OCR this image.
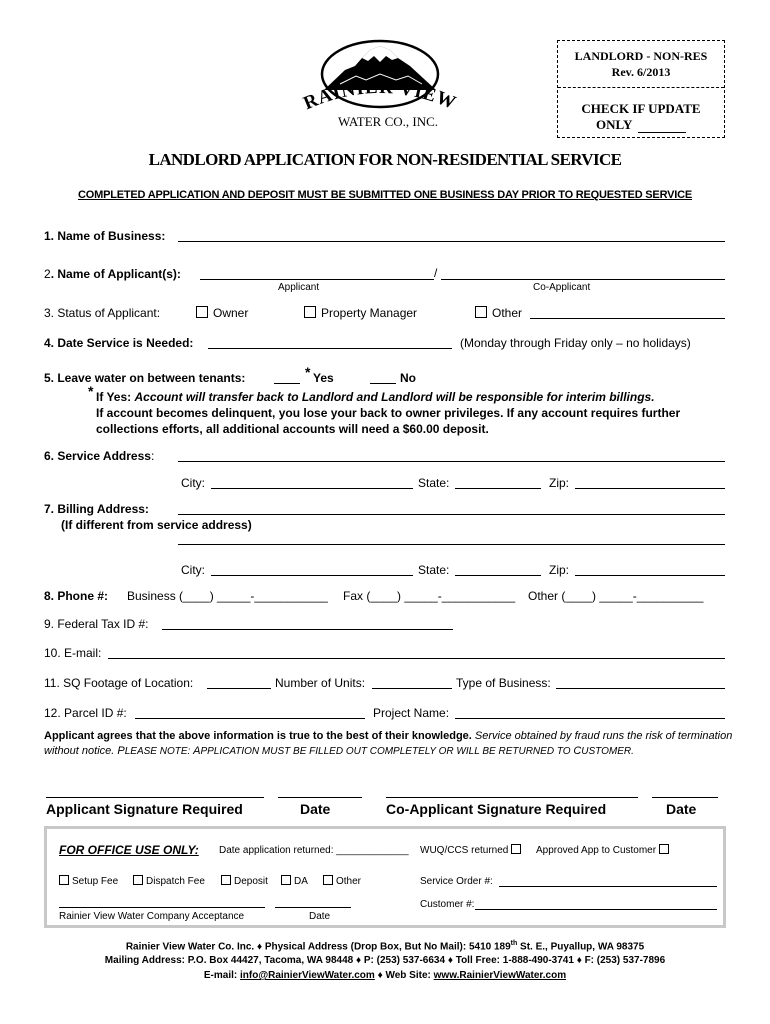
RAINIER VIEW
WATER CO., INC.
LANDLORD - NON-RES
Rev. 6/2013
CHECK IF UPDATE
ONLY
LANDLORD APPLICATION FOR NON-RESIDENTIAL SERVICE
COMPLETED APPLICATION AND DEPOSIT MUST BE SUBMITTED ONE BUSINESS DAY PRIOR TO REQUESTED SERVICE
1. Name of Business:
2. Name of Applicant(s):	/
Applicant	Co-Applicant
3. Status of Applicant:	Owner	Property Manager	Other
4. Date Service is Needed:	(Monday through Friday only – no holidays)
5. Leave water on between tenants:	* Yes	No
* If Yes: Account will transfer back to Landlord and Landlord will be responsible for interim billings.
If account becomes delinquent, you lose your back to owner privileges. If any account requires further
collections efforts, all additional accounts will need a $60.00 deposit.
6. Service Address:
City:	State:	Zip:
7. Billing Address:
(If different from service address)
City:	State:	Zip:
8. Phone #: Business (____) _____-___________ Fax (____) _____-___________ Other (____) _____-__________
9. Federal Tax ID #:
10. E-mail:
11. SQ Footage of Location:	Number of Units:	Type of Business:
12. Parcel ID #:	Project Name:
Applicant agrees that the above information is true to the best of their knowledge. Service obtained by fraud runs the risk of termination without notice. PLEASE NOTE: APPLICATION MUST BE FILLED OUT COMPLETELY OR WILL BE RETURNED TO CUSTOMER.
Applicant Signature Required	Date	Co-Applicant Signature Required	Date
FOR OFFICE USE ONLY: Date application returned: _____________ WUQ/CCS returned	Approved App to Customer
Setup Fee	Dispatch Fee	Deposit	DA	Other	Service Order #:
Customer #:
Rainier View Water Company Acceptance	Date
Rainier View Water Co. Inc. ♦ Physical Address (Drop Box, But No Mail): 5410 189th St. E., Puyallup, WA 98375
Mailing Address: P.O. Box 44427, Tacoma, WA 98448 ♦ P: (253) 537-6634 ♦ Toll Free: 1-888-490-3741 ♦ F: (253) 537-7896
E-mail: info@RainierViewWater.com ♦ Web Site: www.RainierViewWater.com
